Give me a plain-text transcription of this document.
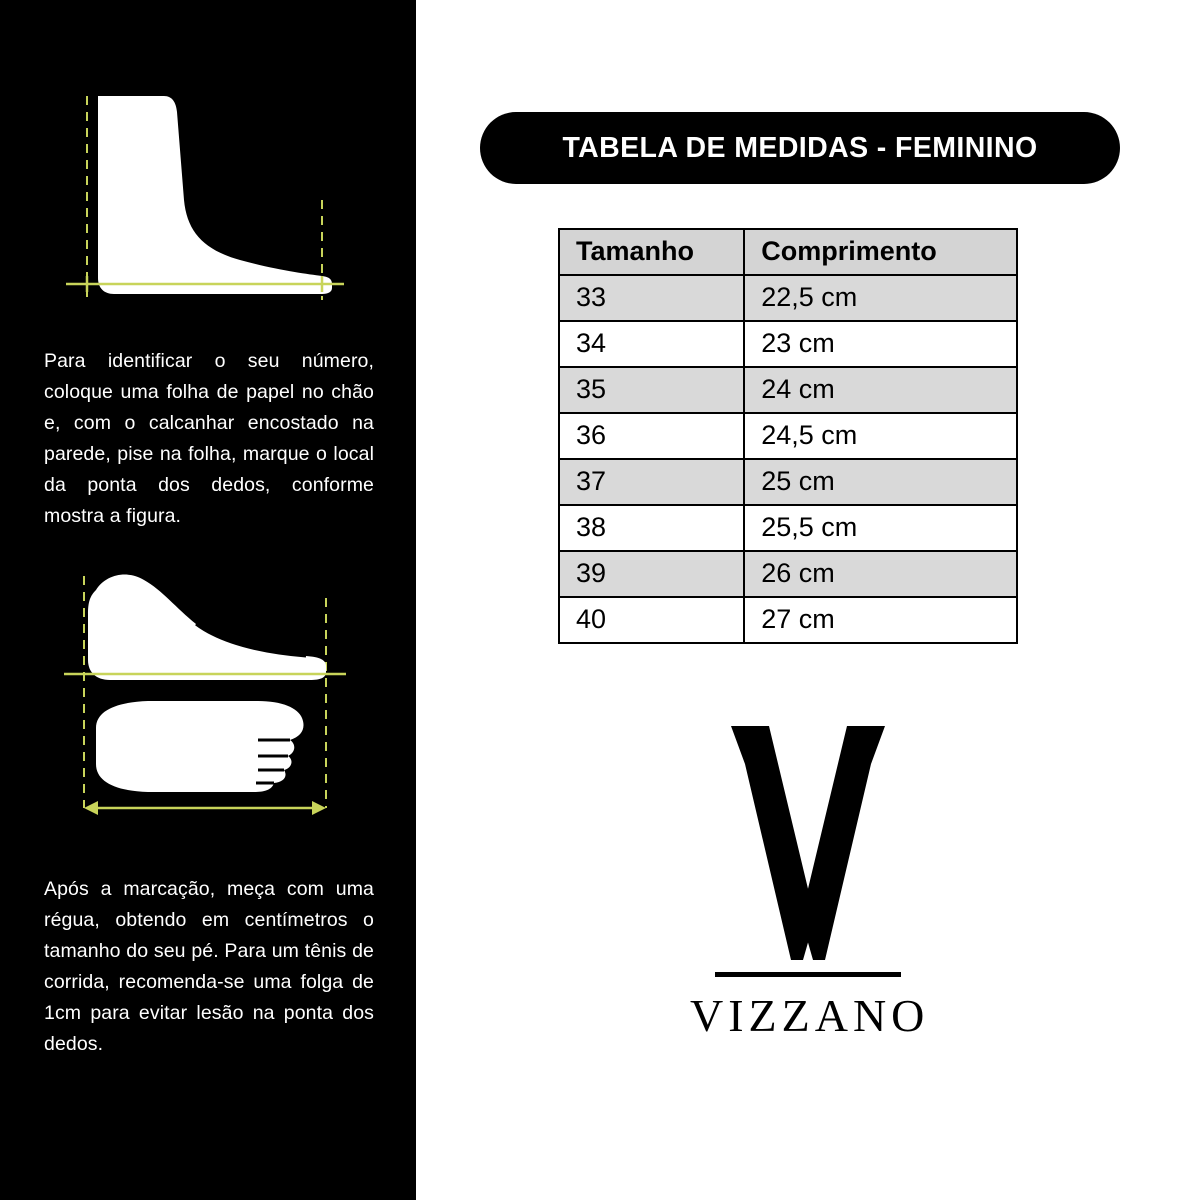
Para identificar o seu número, coloque uma folha de papel no chão e, com o calcanhar encostado na parede, pise na folha, marque o local da ponta dos dedos, conforme mostra a figura.

Após a marcação, meça com uma régua, obtendo em centímetros o tamanho do seu pé. Para um tênis de corrida, recomenda-se uma folga de 1cm para evitar lesão na ponta dos dedos.

TABELA DE MEDIDAS - FEMININO
Tamanho	Comprimento
33	22,5 cm
34	23 cm
35	24 cm
36	24,5 cm
37	25 cm
38	25,5 cm
39	26 cm
40	27 cm
VIZZANO
